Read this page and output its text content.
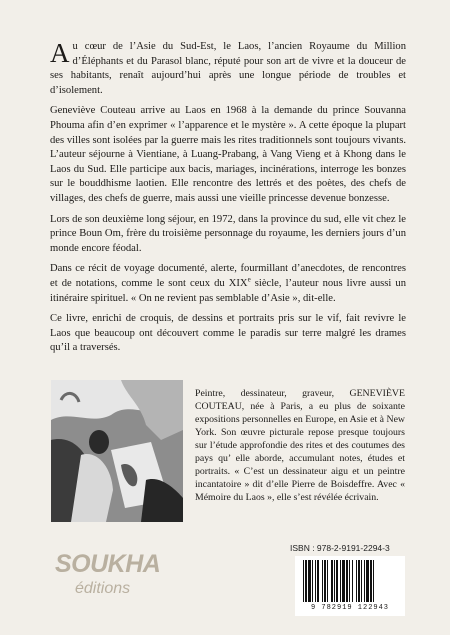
Au cœur de l’Asie du Sud-Est, le Laos, l’ancien Royaume du Million d’Éléphants et du Parasol blanc, réputé pour son art de vivre et la douceur de ses habitants, renaît aujourd’hui après une longue période de troubles et d’isolement.

Geneviève Couteau arrive au Laos en 1968 à la demande du prince Souvanna Phouma afin d’en exprimer « l’apparence et le mystère ». A cette époque la plupart des villes sont isolées par la guerre mais les rites traditionnels sont toujours vivants. L’auteur séjourne à Vientiane, à Luang-Prabang, à Vang Vieng et à Khong dans le Laos du Sud. Elle participe aux bacis, mariages, incinérations, interroge les bonzes sur le bouddhisme laotien. Elle rencontre des lettrés et des poètes, des chefs de villages, des chefs de guerre, mais aussi une vieille princesse devenue bonzesse.

Lors de son deuxième long séjour, en 1972, dans la province du sud, elle vit chez le prince Boun Om, frère du troisième personnage du royaume, les derniers jours d’un monde encore féodal.

Dans ce récit de voyage documenté, alerte, fourmillant d’anecdotes, de rencontres et de notations, comme le sont ceux du XIXe siècle, l’auteur nous livre aussi un itinéraire spirituel. « On ne revient pas semblable d’Asie », dit-elle.

Ce livre, enrichi de croquis, de dessins et portraits pris sur le vif, fait revivre le Laos que beaucoup ont découvert comme le paradis sur terre malgré les drames qu’il a traversés.

Peintre, dessinateur, graveur, GENEVIÈVE COUTEAU, née à Paris, a eu plus de soixante expositions personnelles en Europe, en Asie et à New York. Son œuvre picturale repose presque toujours sur l’étude approfondie des rites et des coutumes des pays qu’ elle aborde, accumulant notes, études et portraits. « C’est un dessinateur aigu et un peintre incantatoire » dit d’elle Pierre de Boisdeffre. Avec « Mémoire du Laos », elle s’est révélée écrivain.

SOUKHA
éditions
ISBN : 978-2-9191-2294-3
9 782919 122943
